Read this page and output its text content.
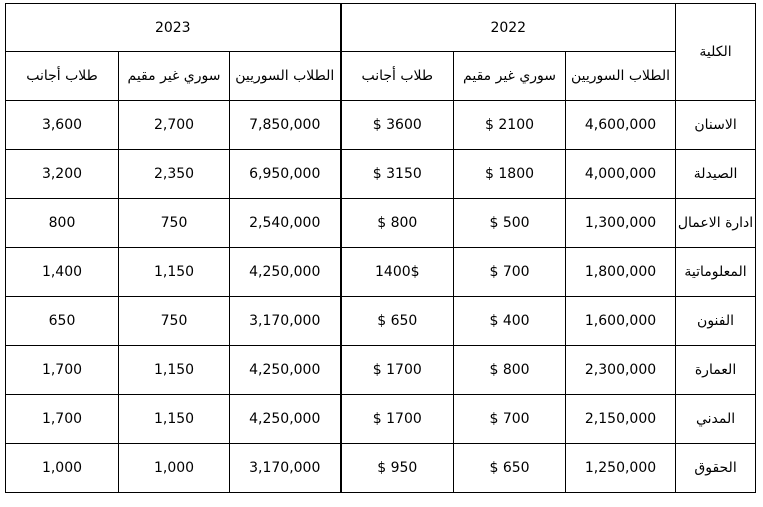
الكلية	2022			2023		
	الطلاب السوريين	سوري غير مقيم	طلاب أجانب	الطلاب السوريين	سوري غير مقيم	طلاب أجانب
الاسنان	4,600,000	2100 $	3600 $	7,850,000	2,700	3,600
الصيدلة	4,000,000	1800 $	3150 $	6,950,000	2,350	3,200
ادارة الاعمال	1,300,000	500 $	800 $	2,540,000	750	800
المعلوماتية	1,800,000	700 $	1400$	4,250,000	1,150	1,400
الفنون	1,600,000	400 $	650 $	3,170,000	750	650
العمارة	2,300,000	800 $	1700 $	4,250,000	1,150	1,700
المدني	2,150,000	700 $	1700 $	4,250,000	1,150	1,700
الحقوق	1,250,000	650 $	950 $	3,170,000	1,000	1,000
